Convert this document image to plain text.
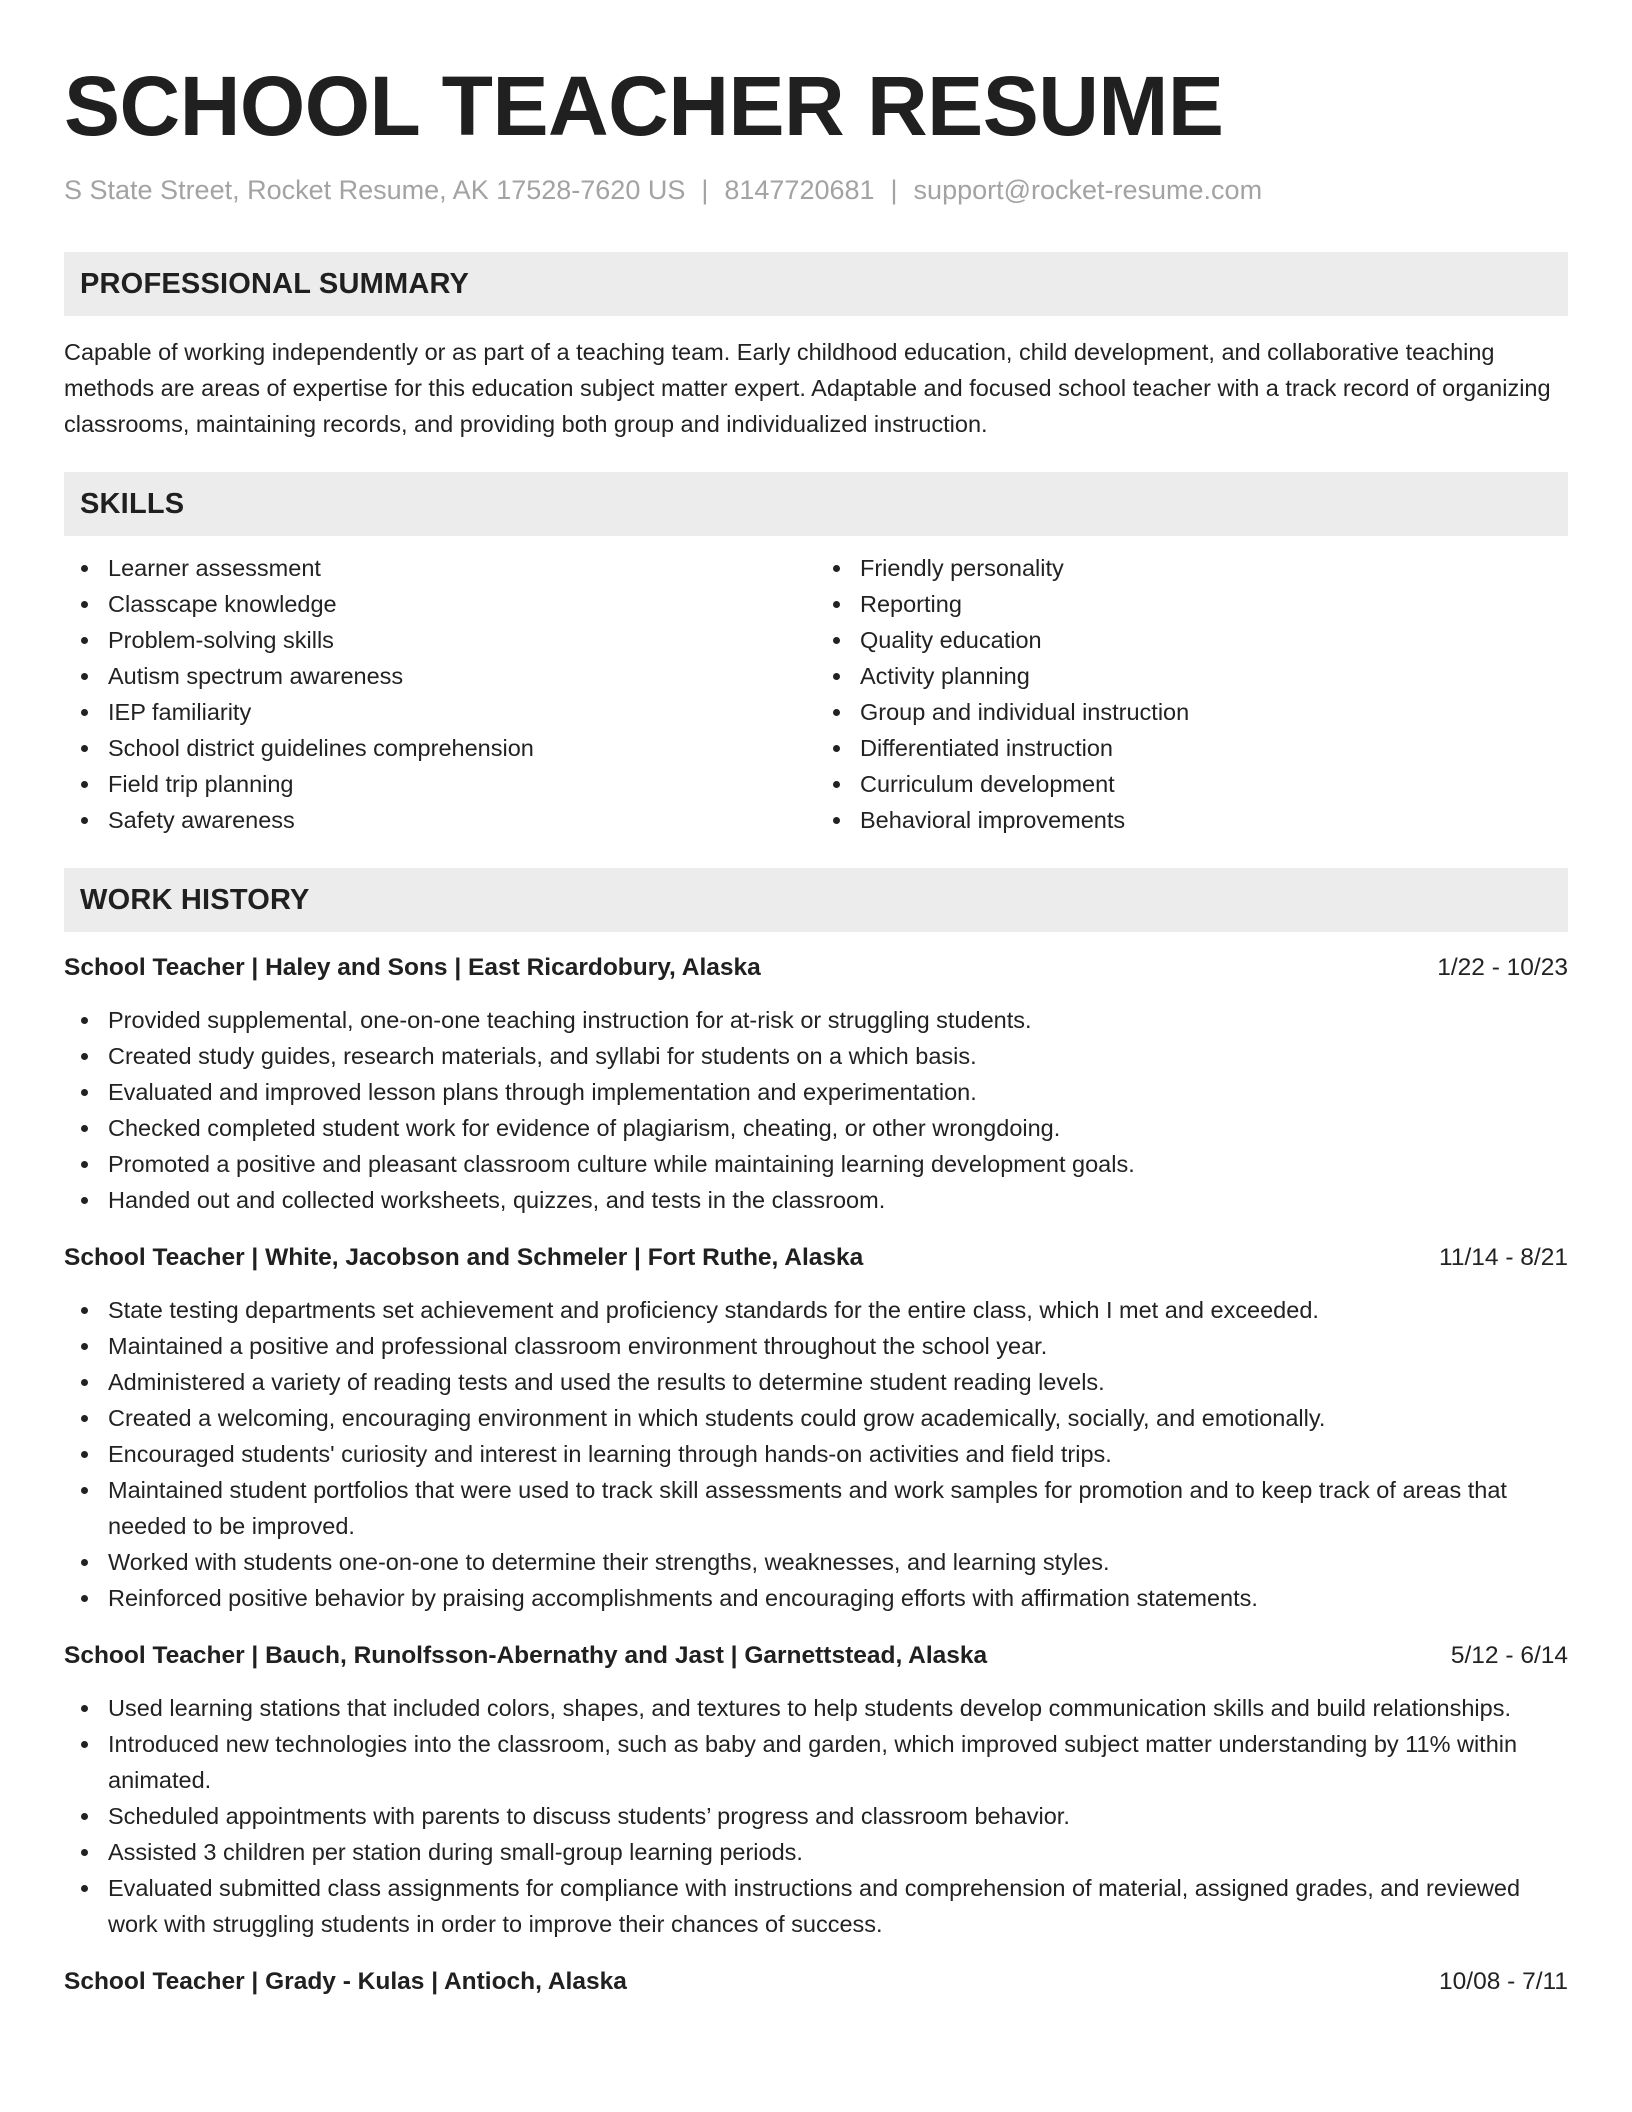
SCHOOL TEACHER RESUME
S State Street, Rocket Resume, AK 17528-7620 US | 8147720681 | support@rocket-resume.com
PROFESSIONAL SUMMARY

Capable of working independently or as part of a teaching team. Early childhood education, child development, and collaborative teaching methods are areas of expertise for this education subject matter expert. Adaptable and focused school teacher with a track record of organizing classrooms, maintaining records, and providing both group and individualized instruction.

SKILLS
Learner assessment
Classcape knowledge
Problem-solving skills
Autism spectrum awareness
IEP familiarity
School district guidelines comprehension
Field trip planning
Safety awareness
Friendly personality
Reporting
Quality education
Activity planning
Group and individual instruction
Differentiated instruction
Curriculum development
Behavioral improvements
WORK HISTORY
School Teacher | Haley and Sons | East Ricardobury, Alaska	1/22 - 10/23
Provided supplemental, one-on-one teaching instruction for at-risk or struggling students.
Created study guides, research materials, and syllabi for students on a which basis.
Evaluated and improved lesson plans through implementation and experimentation.
Checked completed student work for evidence of plagiarism, cheating, or other wrongdoing.
Promoted a positive and pleasant classroom culture while maintaining learning development goals.
Handed out and collected worksheets, quizzes, and tests in the classroom.
School Teacher | White, Jacobson and Schmeler | Fort Ruthe, Alaska	11/14 - 8/21
State testing departments set achievement and proficiency standards for the entire class, which I met and exceeded.
Maintained a positive and professional classroom environment throughout the school year.
Administered a variety of reading tests and used the results to determine student reading levels.
Created a welcoming, encouraging environment in which students could grow academically, socially, and emotionally.
Encouraged students' curiosity and interest in learning through hands-on activities and field trips.
Maintained student portfolios that were used to track skill assessments and work samples for promotion and to keep track of areas that needed to be improved.
Worked with students one-on-one to determine their strengths, weaknesses, and learning styles.
Reinforced positive behavior by praising accomplishments and encouraging efforts with affirmation statements.
School Teacher | Bauch, Runolfsson-Abernathy and Jast | Garnettstead, Alaska	5/12 - 6/14
Used learning stations that included colors, shapes, and textures to help students develop communication skills and build relationships.
Introduced new technologies into the classroom, such as baby and garden, which improved subject matter understanding by 11% within animated.
Scheduled appointments with parents to discuss students’ progress and classroom behavior.
Assisted 3 children per station during small-group learning periods.
Evaluated submitted class assignments for compliance with instructions and comprehension of material, assigned grades, and reviewed work with struggling students in order to improve their chances of success.
School Teacher | Grady - Kulas | Antioch, Alaska	10/08 - 7/11
